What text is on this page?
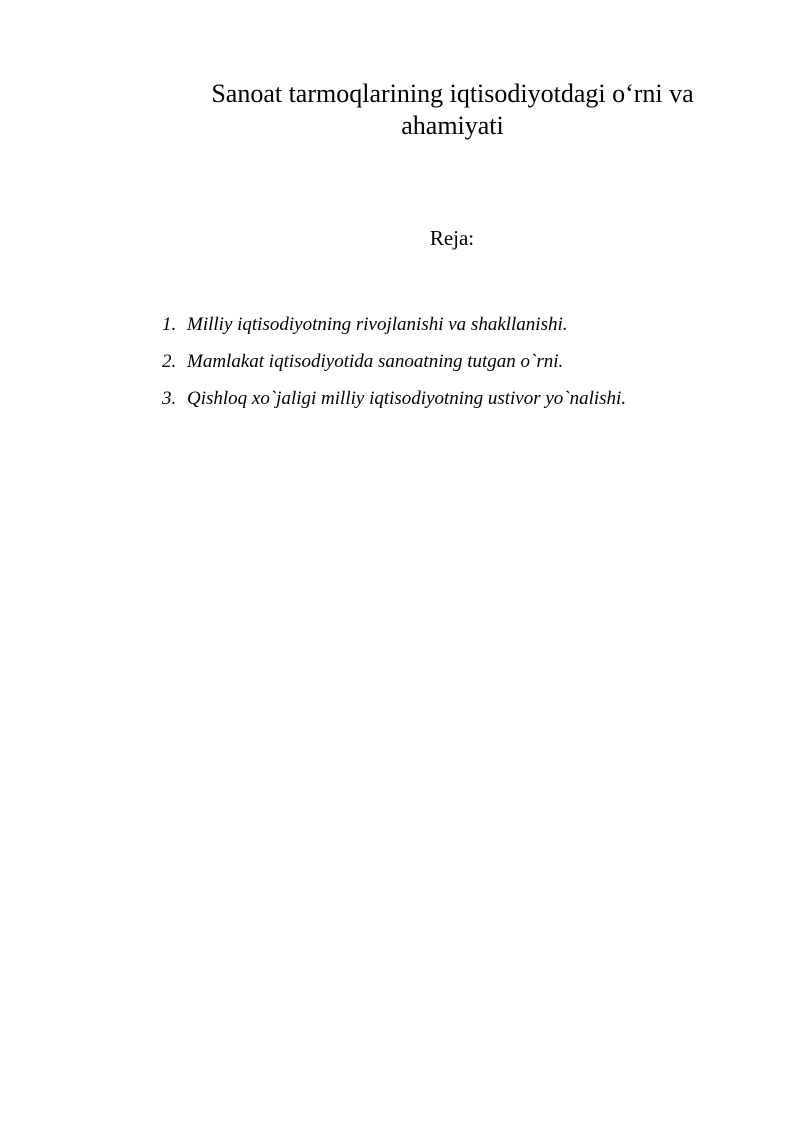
Sanoat tarmoqlarining iqtisodiyotdagi o‘rni va ahamiyati
Reja:
1. Milliy iqtisodiyotning rivojlanishi va shakllanishi.
2. Mamlakat iqtisodiyotida sanoatning tutgan o`rni.
3. Qishloq xo`jaligi milliy iqtisodiyotning ustivor yo`nalishi.
